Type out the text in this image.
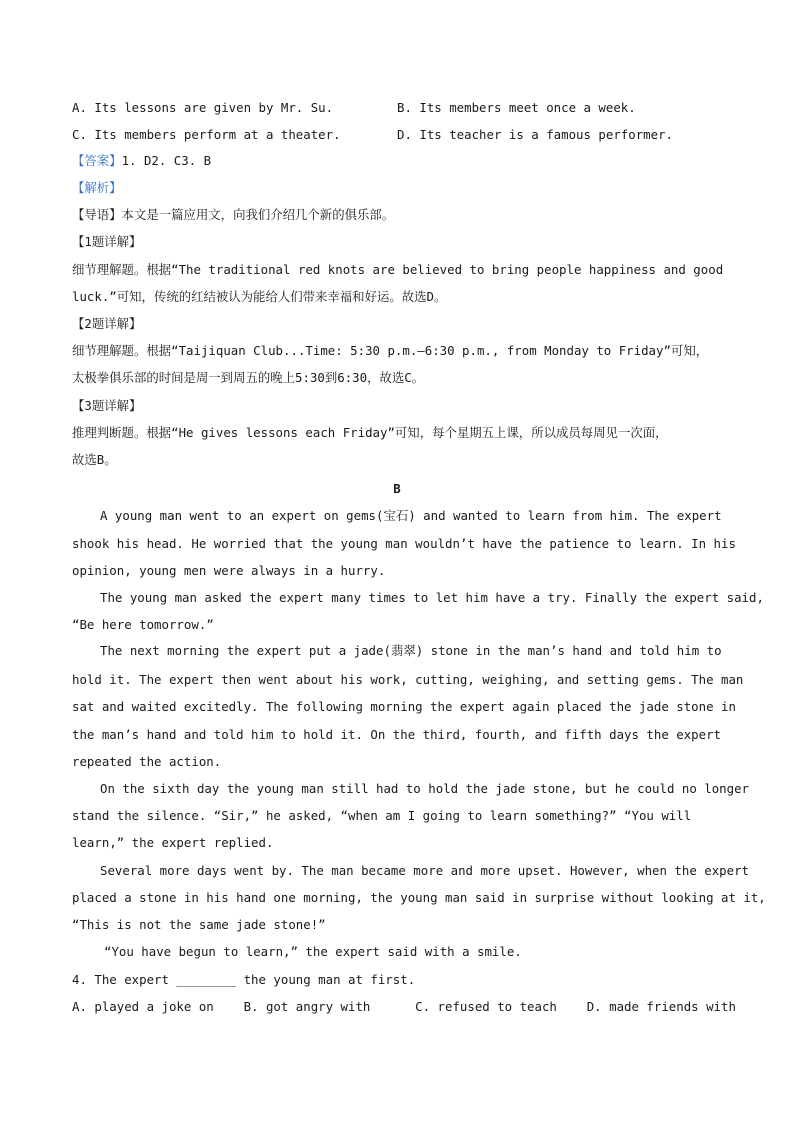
A. Its lessons are given by Mr. Su.	B. Its members meet once a week.
C. Its members perform at a theater.	D. Its teacher is a famous performer.
【答案】1. D2. C3. B
【解析】
【导语】本文是一篇应用文，向我们介绍几个新的俱乐部。
【1题详解】
细节理解题。根据“The traditional red knots are believed to bring people happiness and good
luck.”可知，传统的红结被认为能给人们带来幸福和好运。故选D。
【2题详解】
细节理解题。根据“Taijiquan Club...Time: 5:30 p.m.—6:30 p.m., from Monday to Friday”可知，
太极拳俱乐部的时间是周一到周五的晚上5:30到6:30，故选C。
【3题详解】
推理判断题。根据“He gives lessons each Friday”可知，每个星期五上课，所以成员每周见一次面，
故选B。
B
A young man went to an expert on gems(宝石) and wanted to learn from him. The expert
shook his head. He worried that the young man wouldn’t have the patience to learn. In his
opinion, young men were always in a hurry.
The young man asked the expert many times to let him have a try. Finally the expert said,
“Be here tomorrow.”
The next morning the expert put a jade(翡翠) stone in the man’s hand and told him to
hold it. The expert then went about his work, cutting, weighing, and setting gems. The man
sat and waited excitedly. The following morning the expert again placed the jade stone in
the man’s hand and told him to hold it. On the third, fourth, and fifth days the expert
repeated the action.
On the sixth day the young man still had to hold the jade stone, but he could no longer
stand the silence. “Sir,” he asked, “when am I going to learn something?” “You will
learn,” the expert replied.
Several more days went by. The man became more and more upset. However, when the expert
placed a stone in his hand one morning, the young man said in surprise without looking at it,
“This is not the same jade stone!”
“You have begun to learn,” the expert said with a smile.
4. The expert ________ the young man at first.
A. played a joke on    B. got angry with      C. refused to teach    D. made friends with
